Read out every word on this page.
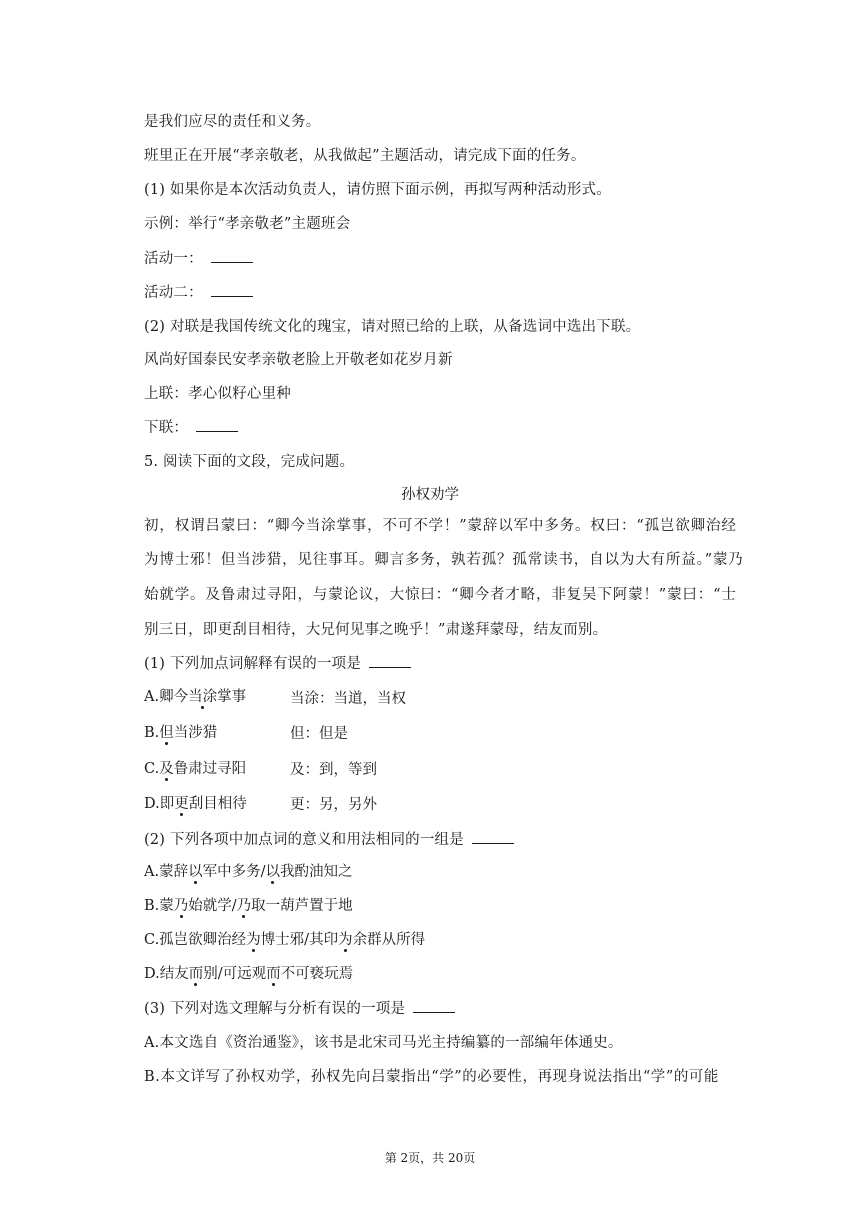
是我们应尽的责任和义务。
班里正在开展“孝亲敬老，从我做起”主题活动，请完成下面的任务。
(1) 如果你是本次活动负责人，请仿照下面示例，再拟写两种活动形式。
示例：举行“孝亲敬老”主题班会
活动一：
活动二：
(2) 对联是我国传统文化的瑰宝，请对照已给的上联，从备选词中选出下联。
风尚好国泰民安孝亲敬老脸上开敬老如花岁月新
上联：孝心似籽心里种
下联：
5. 阅读下面的文段，完成问题。
孙权劝学
初，权谓吕蒙曰：“卿今当涂掌事，不可不学！”蒙辞以军中多务。权曰：“孤岂欲卿治经
为博士邪！但当涉猎，见往事耳。卿言多务，孰若孤？孤常读书，自以为大有所益。”蒙乃
始就学。及鲁肃过寻阳，与蒙论议，大惊曰：“卿今者才略，非复吴下阿蒙！”蒙曰：“士
别三日，即更刮目相待，大兄何见事之晚乎！”肃遂拜蒙母，结友而别。
(1) 下列加点词解释有误的一项是
A.卿今当涂掌事	当涂：当道，当权
B.但当涉猎	但：但是
C.及鲁肃过寻阳	及：到，等到
D.即更刮目相待	更：另，另外
(2) 下列各项中加点词的意义和用法相同的一组是
A.蒙辞以军中多务/以我酌油知之
B.蒙乃始就学/乃取一葫芦置于地
C.孤岂欲卿治经为博士邪/其印为余群从所得
D.结友而别/可远观而不可亵玩焉
(3) 下列对选文理解与分析有误的一项是
A.本文选自《资治通鉴》，该书是北宋司马光主持编纂的一部编年体通史。
B.本文详写了孙权劝学，孙权先向吕蒙指出“学”的必要性，再现身说法指出“学”的可能
第 2页，共 20页
